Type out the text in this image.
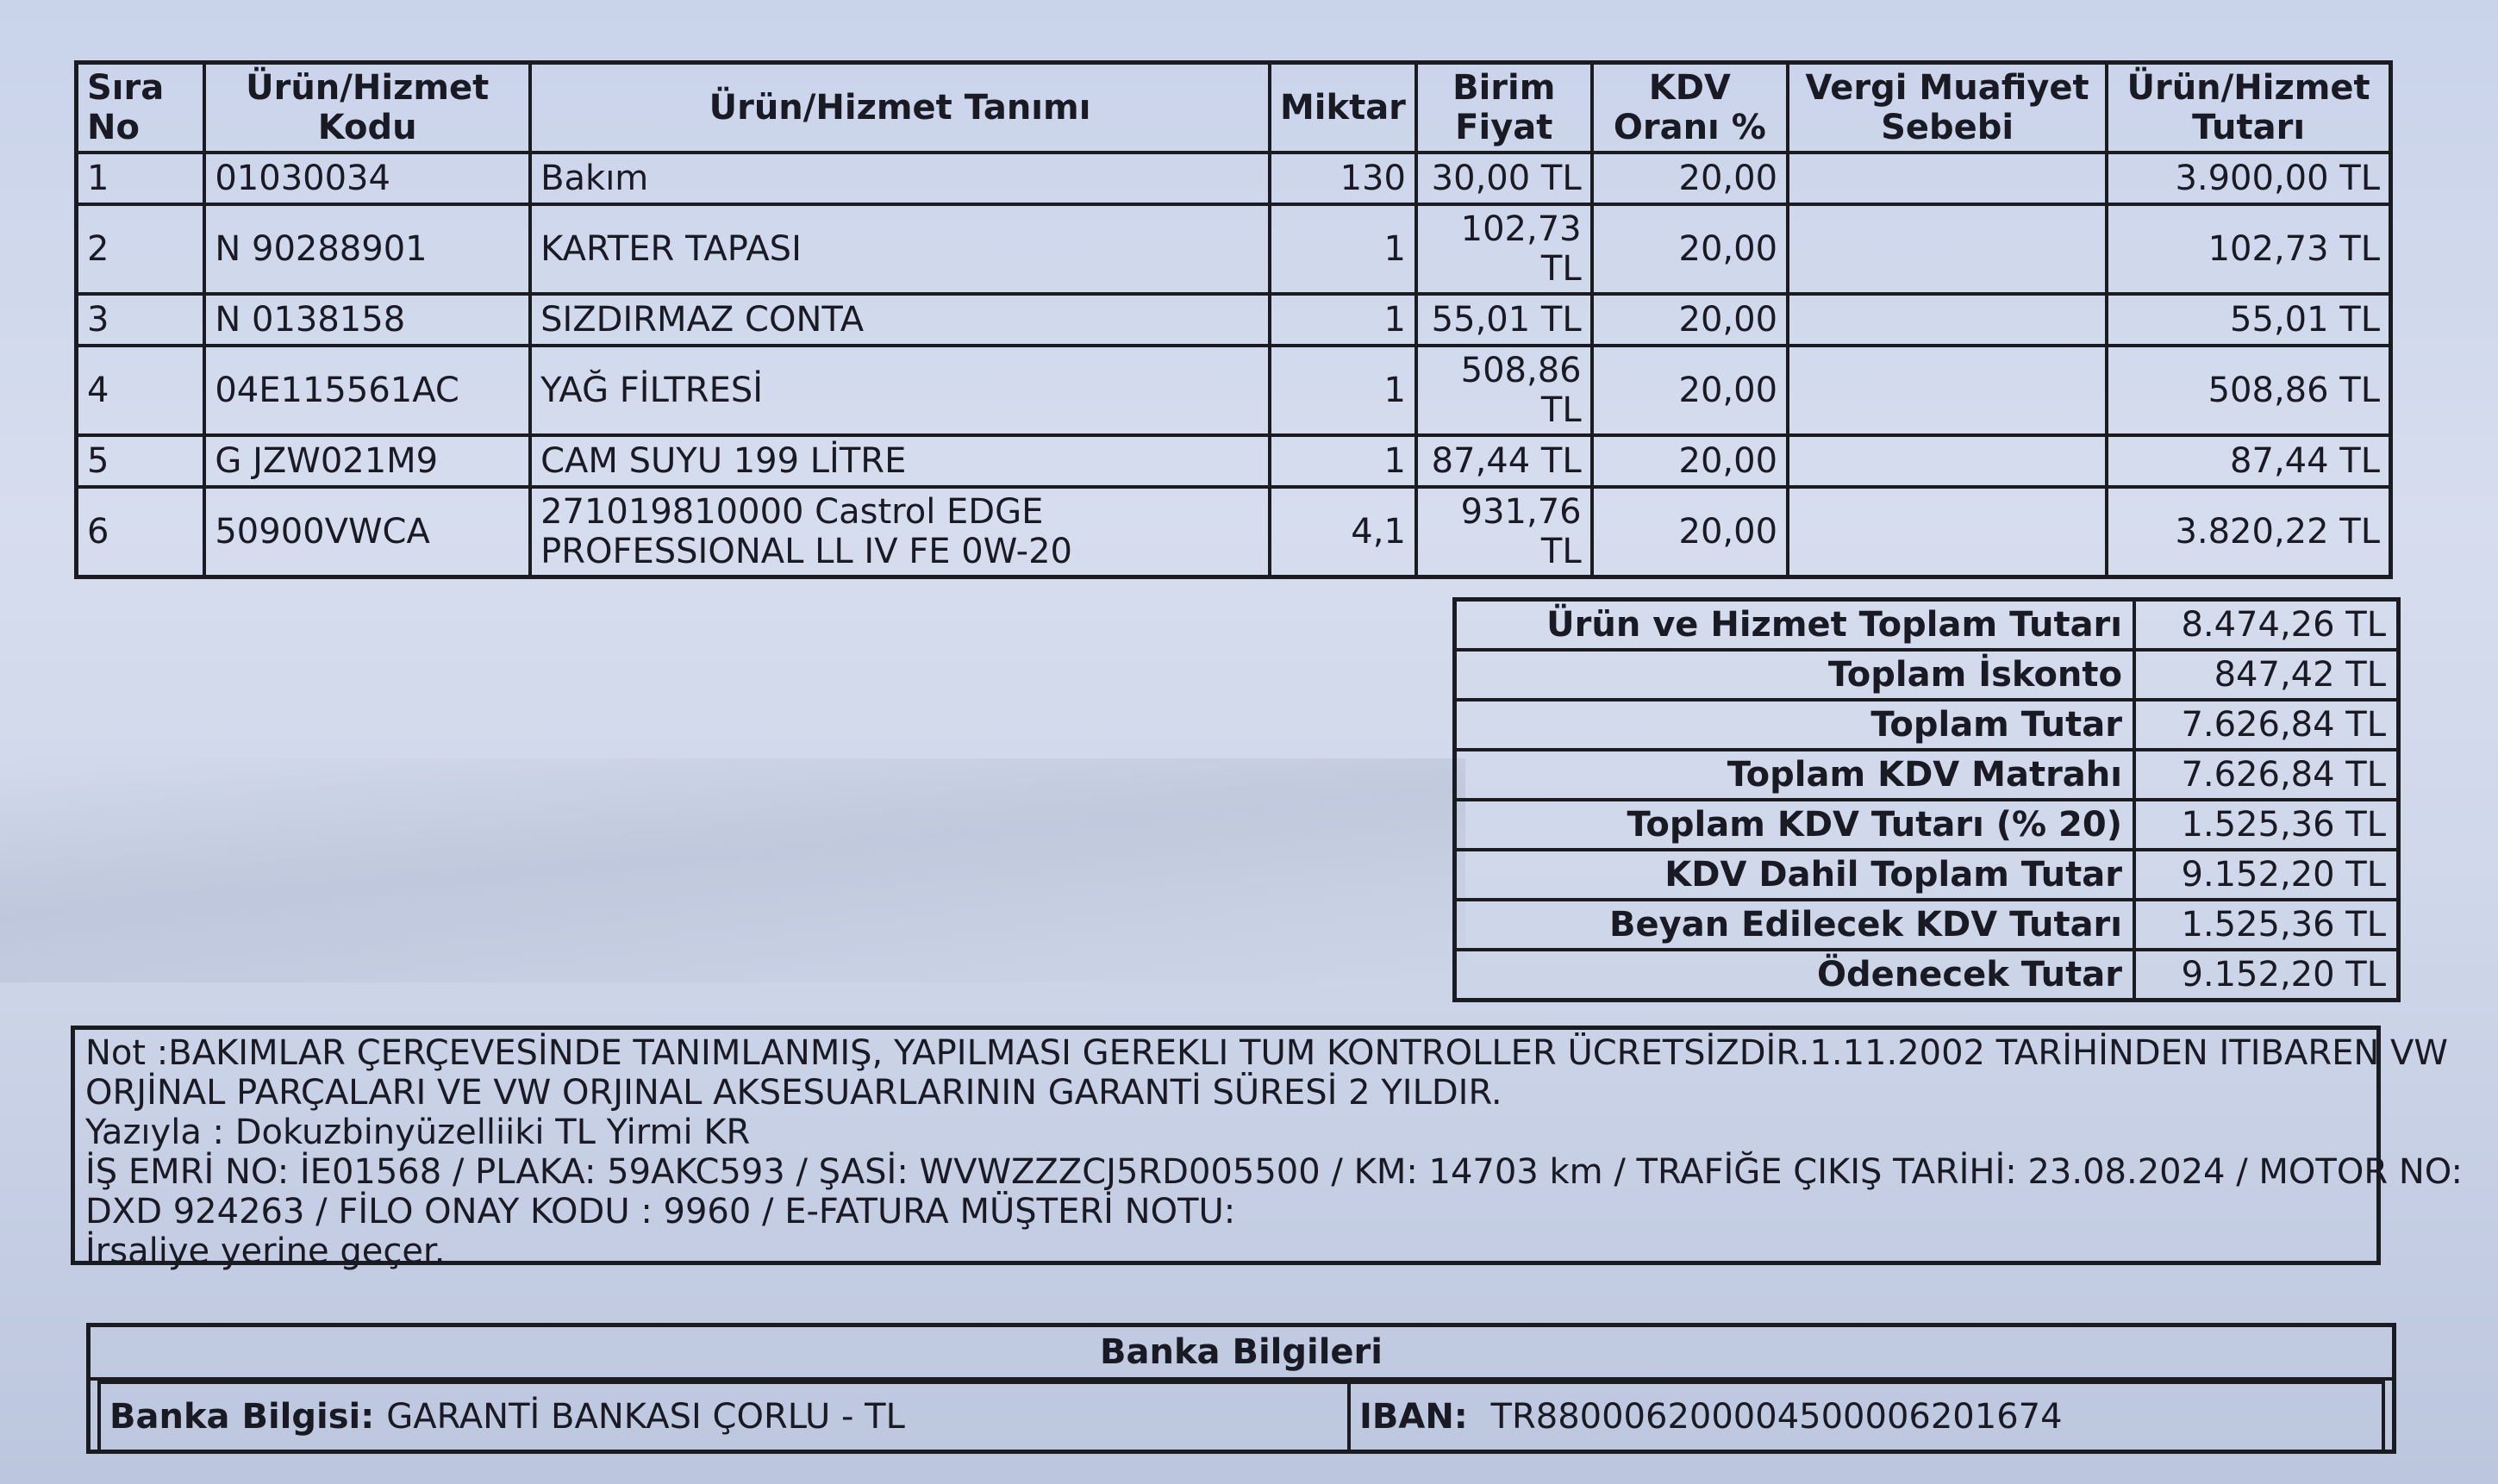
Sıra No	Ürün/Hizmet Kodu	Ürün/Hizmet Tanımı	Miktar	Birim Fiyat	KDV Oranı %	Vergi Muafiyet Sebebi	Ürün/Hizmet Tutarı
1	01030034	Bakım	130	30,00 TL	20,00		3.900,00 TL
2	N 90288901	KARTER TAPASI	1	102,73 TL	20,00		102,73 TL
3	N 0138158	SIZDIRMAZ CONTA	1	55,01 TL	20,00		55,01 TL
4	04E115561AC	YAĞ FİLTRESİ	1	508,86 TL	20,00		508,86 TL
5	G JZW021M9	CAM SUYU 199 LİTRE	1	87,44 TL	20,00		87,44 TL
6	50900VWCA	271019810000 Castrol EDGE PROFESSIONAL LL IV FE 0W-20	4,1	931,76 TL	20,00		3.820,22 TL
Ürün ve Hizmet Toplam Tutarı	8.474,26 TL
Toplam İskonto	847,42 TL
Toplam Tutar	7.626,84 TL
Toplam KDV Matrahı	7.626,84 TL
Toplam KDV Tutarı (% 20)	1.525,36 TL
KDV Dahil Toplam Tutar	9.152,20 TL
Beyan Edilecek KDV Tutarı	1.525,36 TL
Ödenecek Tutar	9.152,20 TL
Not :BAKIMLAR ÇERÇEVESİNDE TANIMLANMIŞ, YAPILMASI GEREKLI TUM KONTROLLER ÜCRETSİZDİR.1.11.2002 TARİHİNDEN ITIBAREN VW
ORJİNAL PARÇALARI VE VW ORJINAL AKSESUARLARININ GARANTİ SÜRESİ 2 YILDIR.
Yazıyla : Dokuzbinyüzelliiki TL Yirmi KR
İŞ EMRİ NO: İE01568 / PLAKA: 59AKC593 / ŞASİ: WVWZZZCJ5RD005500 / KM: 14703 km / TRAFİĞE ÇIKIŞ TARİHİ: 23.08.2024 / MOTOR NO:
DXD 924263 / FİLO ONAY KODU : 9960 / E-FATURA MÜŞTERİ NOTU:
İrsaliye yerine geçer.
Banka Bilgileri
Banka Bilgisi: GARANTİ BANKASI ÇORLU - TL	IBAN: TR880006200004500006201674
